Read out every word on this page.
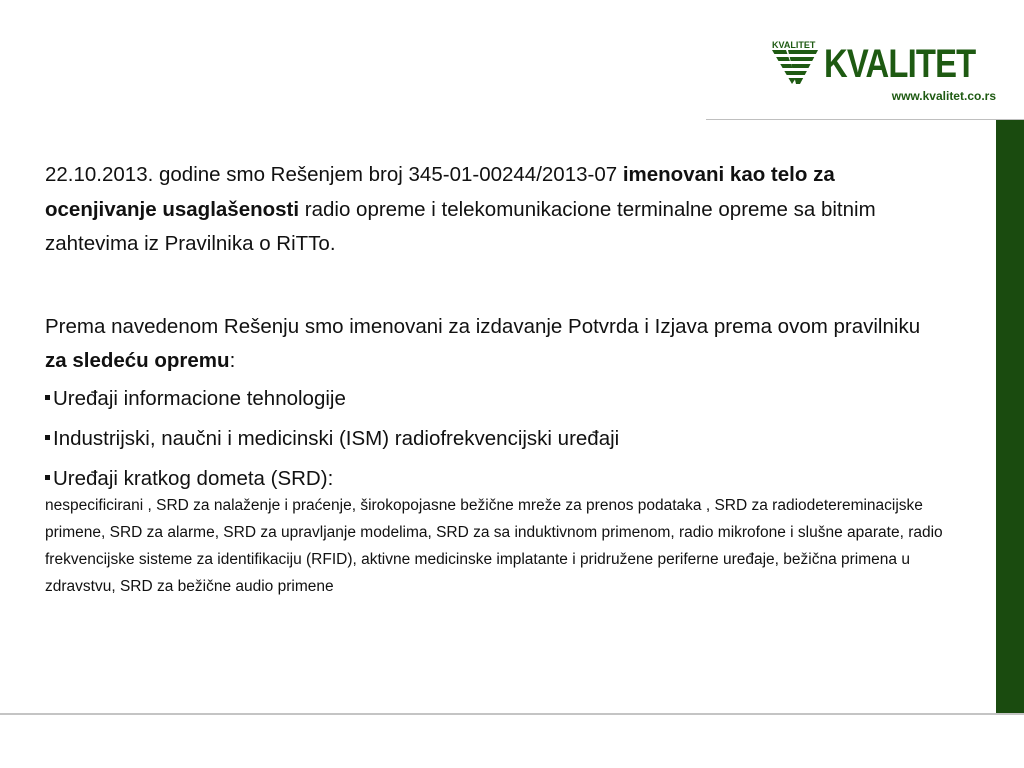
KVALITET KVALITET
www.kvalitet.co.rs

22.10.2013. godine smo Rešenjem broj 345-01-00244/2013-07 imenovani kao telo za ocenjivanje usaglašenosti radio opreme i telekomunikacione terminalne opreme sa bitnim zahtevima iz Pravilnika o RiTTo.

Prema navedenom Rešenju smo imenovani za izdavanje Potvrda i Izjava prema ovom pravilniku za sledeću opremu:

Uređaji informacione tehnologije

Industrijski, naučni i medicinski (ISM) radiofrekvencijski uređaji

Uređaji kratkog dometa (SRD):

nespecificirani , SRD za nalaženje i praćenje, širokopojasne bežične mreže za prenos podataka , SRD za radiodetereminacijske primene, SRD za alarme, SRD za upravljanje modelima, SRD za sa induktivnom primenom, radio mikrofone i slušne aparate, radio frekvencijske sisteme za identifikaciju (RFID), aktivne medicinske implatante i pridružene periferne uređaje, bežična primena u zdravstvu, SRD za bežične audio primene
